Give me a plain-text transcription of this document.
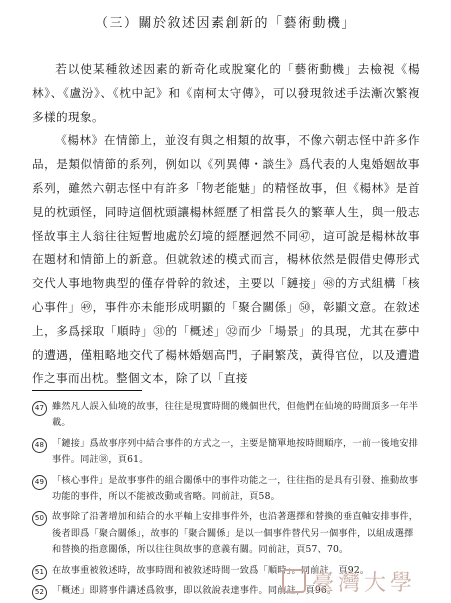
（三）關於敘述因素創新的「藝術動機」

若以使某種敘述因素的新奇化或脫窠化的「藝術動機」去檢視《楊林》、《盧汾》、《枕中記》和《南柯太守傳》，可以發現敘述手法漸次繁複多樣的現象。

《楊林》在情節上，並沒有與之相類的故事，不像六朝志怪中許多作品，是類似情節的系列，例如以《列異傳・談生》爲代表的人鬼婚姻故事系列，雖然六朝志怪中有許多「物老能魅」的精怪故事，但《楊林》是首見的枕頭怪，同時這個枕頭讓楊林經歷了相當長久的繁華人生，與一般志怪故事主人翁往往短暫地處於幻境的經歷迥然不同㊼，這可說是楊林故事在題材和情節上的新意。但就敘述的模式而言，楊林依然是假借史傳形式交代人事地物典型的僅存骨幹的敘述，主要以「鏈接」㊽的方式組構「核心事件」㊾，事件亦未能形成明顯的「聚合關係」㊿，彰顯文意。在敘述上，多爲採取「順時」㉛的「概述」㉜而少「場景」的具現，尤其在夢中的遭遇，僅粗略地交代了楊林婚姻高門，子嗣繁茂，黃得官位，以及遭遣作之事而出枕。整個文本，除了以「直接

47 雖然凡人誤入仙境的故事，往往是現實時間的幾個世代，但他們在仙境的時間頂多一年半載。
48 「鏈接」爲故事序列中結合事件的方式之一，主要是簡單地按時間順序，一前一後地安排事件。同註⑱，頁61。
49 「核心事件」是故事事件的組合關係中的事件功能之一，往往指的是具有引發、推動故事功能的事件，所以不能被改動或省略。同前註，頁58。
50 故事除了沿著增加和結合的水平軸上安排事件外，也沿著選擇和替換的垂直軸安排事件，後者即爲「聚合關係」，故事的「聚合關係」是以一個事件替代另一個事件，以組成選擇和替換的指意關係，所以往往與故事的意義有關。同前註，頁57、70。
51 在故事重被敘述時，故事時間和被敘述時間一致爲「順時」。同前註，頁92。
52 「概述」即將事件講述爲敘事，即以敘說表達事件。同前註，頁96。
臺灣大學
